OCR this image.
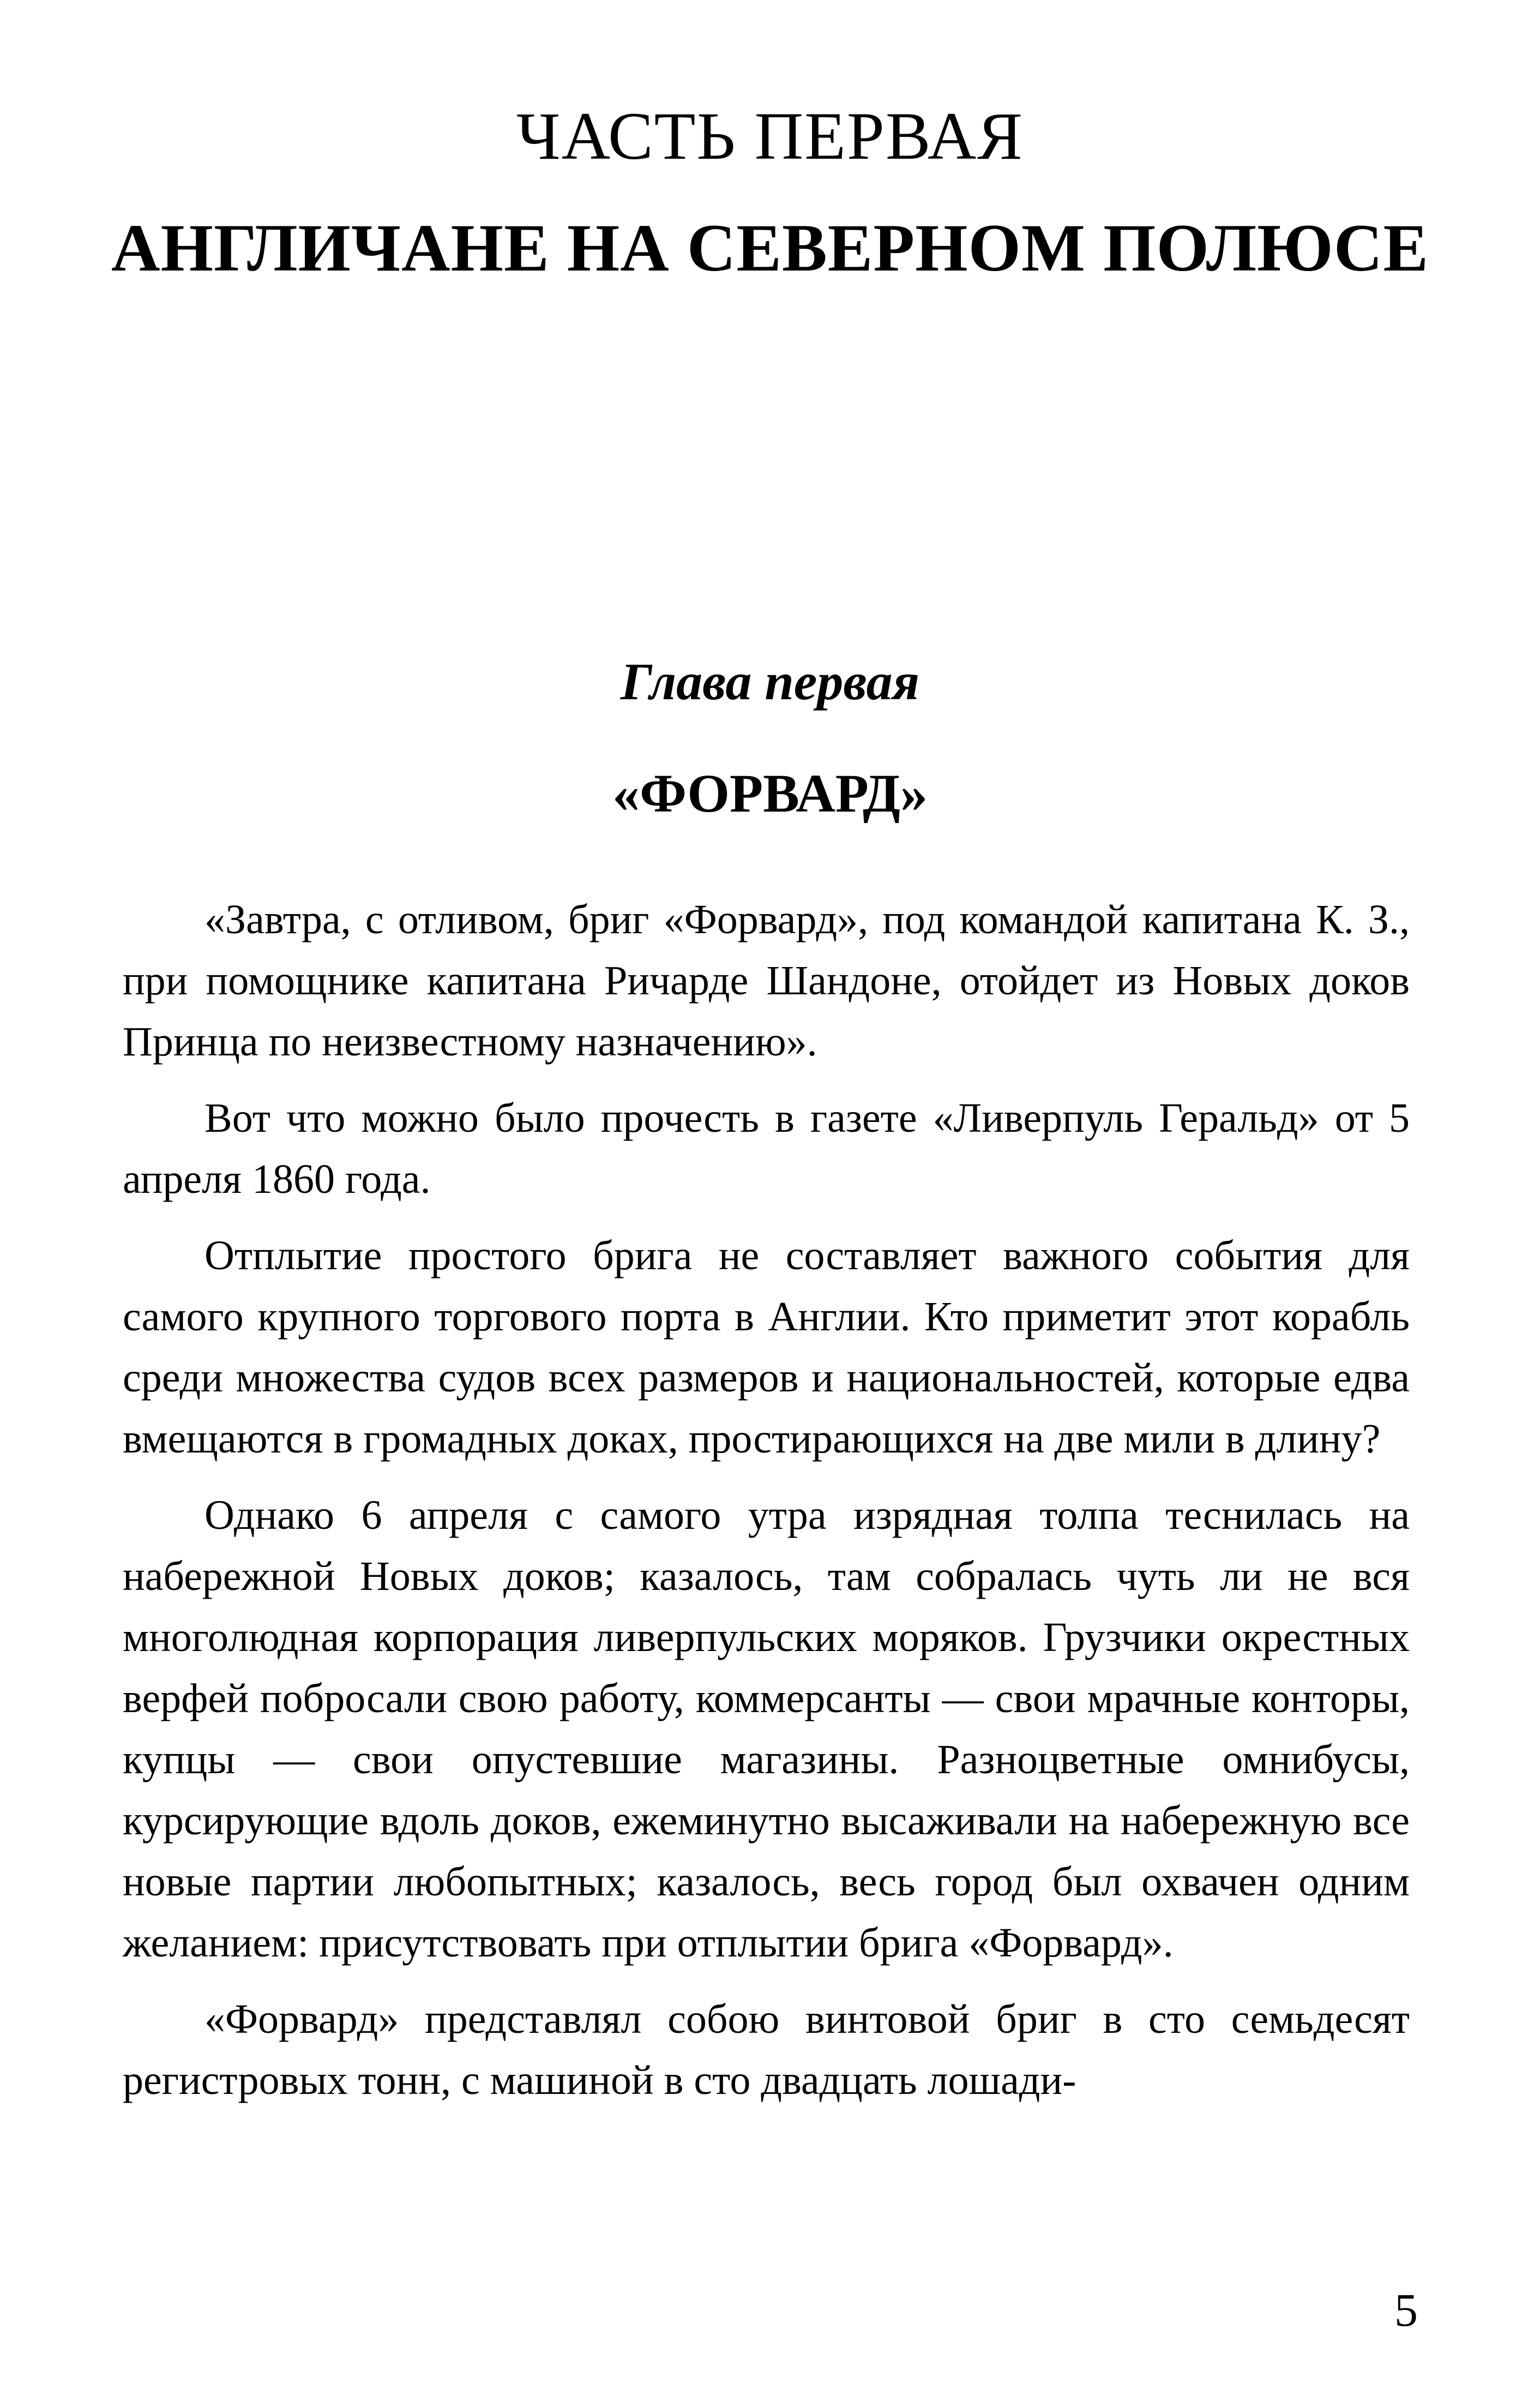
ЧАСТЬ ПЕРВАЯ
АНГЛИЧАНЕ НА СЕВЕРНОМ ПОЛЮСЕ
Глава первая
«ФОРВАРД»

«Завтра, с отливом, бриг «Форвард», под командой капитана К. З., при помощнике капитана Ричарде Шандоне, отойдет из Новых доков Принца по неизвестному назначению».

Вот что можно было прочесть в газете «Ливерпуль Геральд» от 5 апреля 1860 года.

Отплытие простого брига не составляет важного события для самого крупного торгового порта в Англии. Кто приметит этот корабль среди множества судов всех размеров и национальностей, которые едва вмещаются в громадных доках, простирающихся на две мили в длину?

Однако 6 апреля с самого утра изрядная толпа теснилась на набережной Новых доков; казалось, там собралась чуть ли не вся многолюдная корпорация ливерпульских моряков. Грузчики окрестных верфей побросали свою работу, коммерсанты — свои мрачные конторы, купцы — свои опустевшие магазины. Разноцветные омнибусы, курсирующие вдоль доков, ежеминутно высаживали на набережную все новые партии любопытных; казалось, весь город был охвачен одним желанием: присутствовать при отплытии брига «Форвард».

«Форвард» представлял собою винтовой бриг в сто семьдесят регистровых тонн, с машиной в сто двадцать лошади-

5
